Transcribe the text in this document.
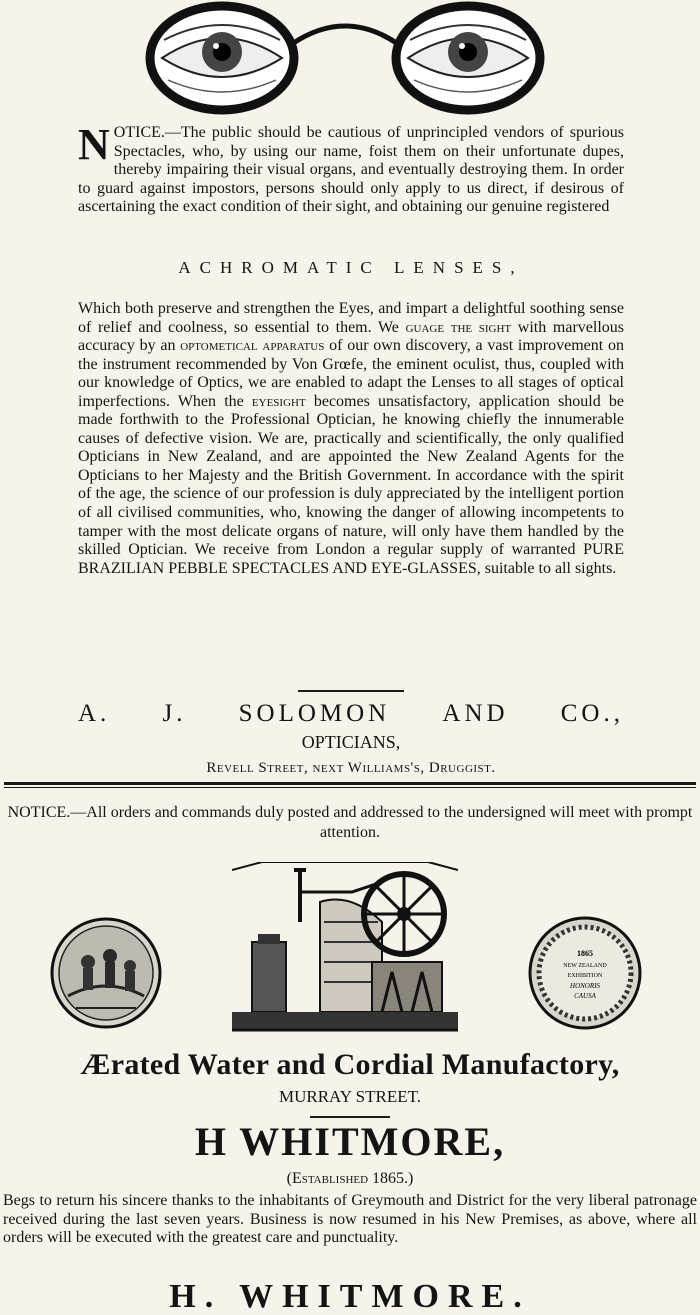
NOTICE.—The public should be cautious of unprincipled vendors of spurious Spectacles, who, by using our name, foist them on their unfortunate dupes, thereby impairing their visual organs, and eventually destroying them. In order to guard against impostors, persons should only apply to us direct, if desirous of ascertaining the exact condition of their sight, and obtaining our genuine registered
ACHROMATIC LENSES,
Which both preserve and strengthen the Eyes, and impart a delightful soothing sense of relief and coolness, so essential to them. We guage the sight with marvellous accuracy by an optometical apparatus of our own discovery, a vast improvement on the instrument recommended by Von Grœfe, the eminent oculist, thus, coupled with our knowledge of Optics, we are enabled to adapt the Lenses to all stages of optical imperfections. When the eyesight becomes unsatisfactory, application should be made forthwith to the Professional Optician, he knowing chiefly the innumerable causes of defective vision. We are, practically and scientifically, the only qualified Opticians in New Zealand, and are appointed the New Zealand Agents for the Opticians to her Majesty and the British Government. In accordance with the spirit of the age, the science of our profession is duly appreciated by the intelligent portion of all civilised communities, who, knowing the danger of allowing incompetents to tamper with the most delicate organs of nature, will only have them handled by the skilled Optician. We receive from London a regular supply of warranted PURE BRAZILIAN PEBBLE SPECTACLES AND EYE-GLASSES, suitable to all sights.
A. J. SOLOMON AND CO.,
OPTICIANS,
Revell Street, next Williams's, Druggist.
NOTICE.—All orders and commands duly posted and addressed to the undersigned will meet with prompt attention.
1865
NEW ZEALAND
EXHIBITION
HONORIS
CAUSA
Ærated Water and Cordial Manufactory,
MURRAY STREET.
H WHITMORE,
(Established 1865.)
Begs to return his sincere thanks to the inhabitants of Greymouth and District for the very liberal patronage received during the last seven years. Business is now resumed in his New Premises, as above, where all orders will be executed with the greatest care and punctuality.
H. WHITMORE.
